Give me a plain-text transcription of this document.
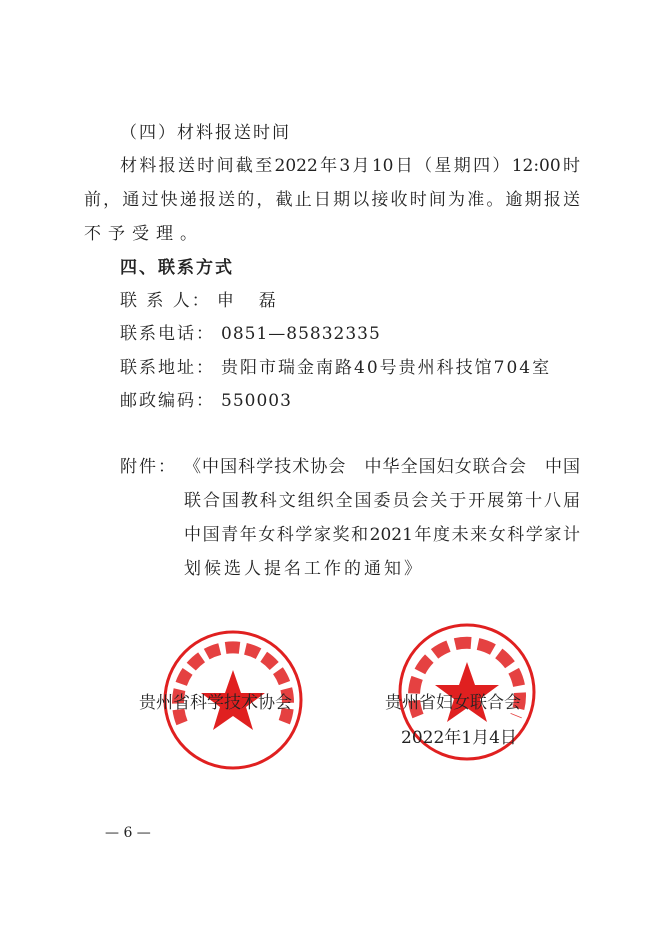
（四）材料报送时间
材料报送时间截至2022年3月10日（星期四）12:00时
前，通过快递报送的，截止日期以接收时间为准。逾期报送
不予受理。
四、联系方式
联 系 人： 申　磊
联系电话： 0851—85832335
联系地址： 贵阳市瑞金南路40号贵州科技馆704室
邮政编码： 550003
附件： 《中国科学技术协会　中华全国妇女联合会　中国
联合国教科文组织全国委员会关于开展第十八届
中国青年女科学家奖和2021年度未来女科学家计
划候选人提名工作的通知》
贵州省科学技术协会	贵州省妇女联合会
2022年1月4日
— 6 —
